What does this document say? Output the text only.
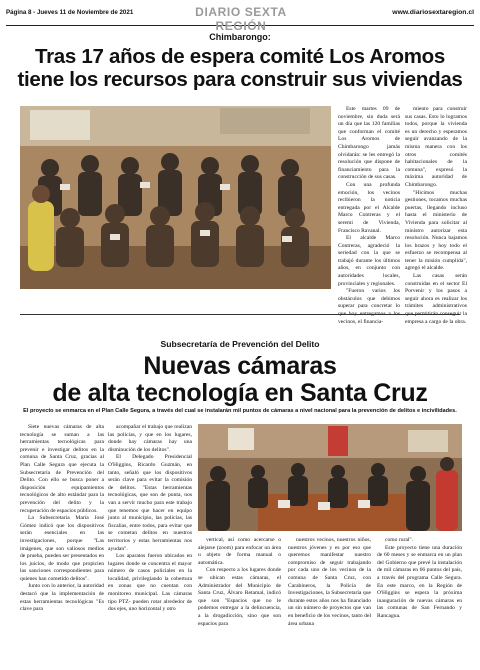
Página 8 - Jueves 11 de Noviembre de 2021	DIARIO SEXTA REGIÓN
www.diariosextaregion.cl
Chimbarongo:
Tras 17 años de espera comité Los Aromos
tiene los recursos para construir sus viviendas

Este martes 09 de noviembre, sin duda será un día que las 120 familias que conforman el comité Los Aromos de Chimbarongo jamás olvidarán: se les entregó la resolución que dispone de financiamiento para la construcción de sus casas.

Con una profunda emoción, los vecinos recibieron la noticia entregada por el Alcalde Marco Contreras y el seremi de Vivienda, Francisco Ravanal.

El alcalde Marco Contreras, agradeció la seriedad con la que se trabajó durante los últimos años, en conjunto con autoridades locales, provinciales y regionales.

"Fueron varios los obstáculos que debimos superar para concretar lo que hoy entregamos a los vecinos, el financia-

miento para construir sus casas. Esto lo logramos todos, porque la vivienda es un derecho y esperamos seguir avanzando de la misma manera con los otros comités habitacionales de la comuna", expresó la máxima autoridad de Chimbarongo.

"Hicimos muchas gestiones, tocamos muchas puertas, llegando incluso hasta el ministerio de Vivienda para solicitar al ministro autorizar esta resolución. Nunca bajamos los brazos y hoy todo el esfuerzo se recompensa al tener la misión cumplida", agregó el alcalde.

Las casas serán construidas en el sector El Porvenir y los pasos a seguir ahora es realizar los trámites administrativos que permitirán conseguir la empresa a cargo de la obra.

Subsecretaría de Prevención del Delito
Nuevas cámaras
de alta tecnología en Santa Cruz
El proyecto se enmarca en el Plan Calle Segura, a través del cual se instalarán mil puntos de cámaras a nivel nacional para la prevención de delitos e incivilidades.

Siete nuevas cámaras de alta tecnología se suman a las herramientas tecnológicas para prevenir e investigar delitos en la comuna de Santa Cruz, gracias al Plan Calle Segura que ejecuta la Subsecretaría de Prevención del Delito. Con ello se busca poner a disposición equipamientos tecnológicos de alto estándar para la prevención del delito y la recuperación de espacios públicos.

La Subsecretaria María José Gómez indicó que los dispositivos serán esenciales en las investigaciones, porque "Las imágenes, que son valiosos medios de prueba, pueden ser presentados en los juicios, de modo que propicien las sanciones correspondientes para quienes han cometido delitos".

Junto con lo anterior, la autoridad destacó que la implementación de estas herramientas tecnológicas "Es clave para

acompañar el trabajo que realizan las policías, y que en los lugares, donde hay cámaras hay una disminución de los delitos".

El Delegado Presidencial O'Higgins, Ricardo Guzmán, en tanto, señaló que los dispositivos serán clave para evitar la comisión de delitos. "Estas herramientas tecnológicas, que son de punta, nos van a servir mucho para este trabajo que tenemos que hacer en equipo junto al municipio, las policías, las fiscalías, entre todos, para evitar que se cometan delitos en nuestros territorios y estas herramientas nos ayudan".

Los aparatos fueron ubicados en lugares donde se concentra el mayor número de casos policiales en la localidad, privilegiando la cobertura en zonas que no cuentan con monitoreo municipal. Las cámaras tipo PTZ- pueden rotar alrededor de dos ejes, uno horizontal y otro

vertical, así como acercarse o alejarse (zoom) para enfocar un área u objeto de forma manual o automática.

Con respecto a los lugares donde se ubican estas cámaras, el Administrador del Municipio de Santa Cruz, Álvaro Retamal, indicó que son "Espacios que no le podemos entregar a la delincuencia, a la drogadicción, sino que son espacios para

nuestros vecinos, nuestros niños, nuestros jóvenes y es por eso que queremos manifestar nuestro compromiso de seguir trabajando por cada uno de los vecinos de la comuna de Santa Cruz, con Carabineros, la Policía de Investigaciones, la Subsecretaría que durante estos años nos ha financiado un sin número de proyectos que van en beneficio de los vecinos, tanto del área urbana

como rural".

Este proyecto tiene una duración de 60 meses y se enmarca en un plan del Gobierno que prevé la instalación de mil cámaras en 66 puntos del país, a través del programa Calle Segura. En este marco, en la Región de O'Higgins se espera la próxima inauguración de nuevas cámaras en las comunas de San Fernando y Rancagua.
